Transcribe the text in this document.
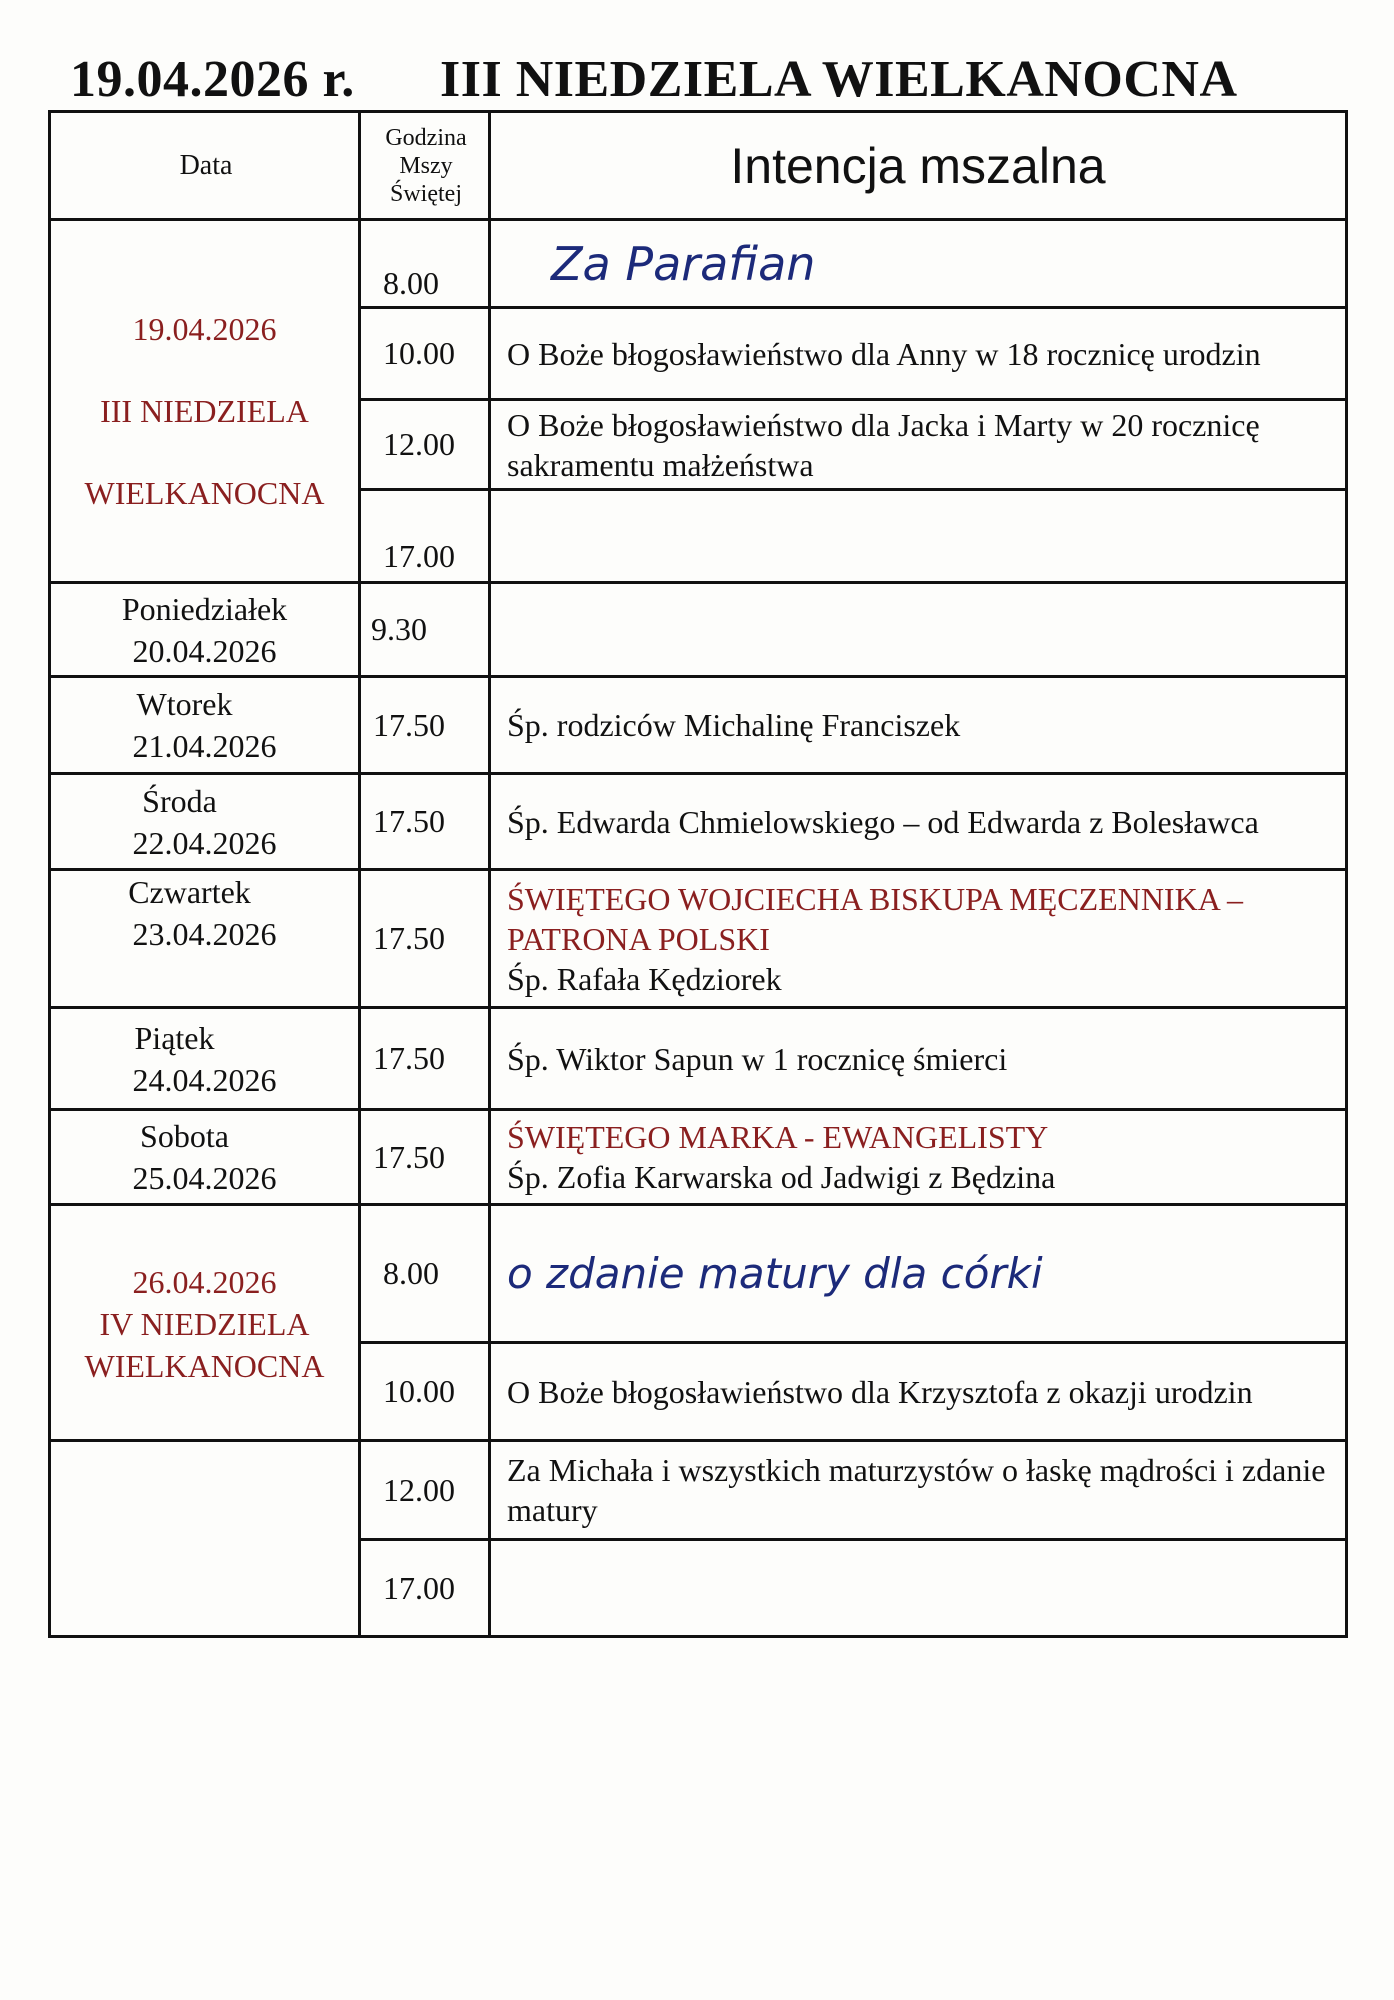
19.04.2026 r. III NIEDZIELA WIELKANOCNA
Data
Godzina
Mszy
Świętej	Intencja mszalna
19.04.2026
III NIEDZIELA
WIELKANOCNA
Poniedziałek
20.04.2026
Wtorek
21.04.2026
Środa
22.04.2026
Czwartek
23.04.2026
Piątek
24.04.2026
Sobota
25.04.2026
26.04.2026
IV NIEDZIELA
WIELKANOCNA
8.00
10.00
12.00
17.00
9.30
17.50
17.50
17.50
17.50
17.50
8.00
10.00
12.00
17.00
Za Parafian
O Boże błogosławieństwo dla Anny w 18 rocznicę urodzin
O Boże błogosławieństwo dla Jacka i Marty w 20 rocznicę sakramentu małżeństwa
Śp. rodziców Michalinę Franciszek
Śp. Edwarda Chmielowskiego – od Edwarda z Bolesławca
ŚWIĘTEGO WOJCIECHA BISKUPA MĘCZENNIKA – PATRONA POLSKI
Śp. Rafała Kędziorek
Śp. Wiktor Sapun w 1 rocznicę śmierci
ŚWIĘTEGO MARKA - EWANGELISTY
Śp. Zofia Karwarska od Jadwigi z Będzina
o zdanie matury dla córki
O Boże błogosławieństwo dla Krzysztofa z okazji urodzin
Za Michała i wszystkich maturzystów o łaskę mądrości i zdanie matury
